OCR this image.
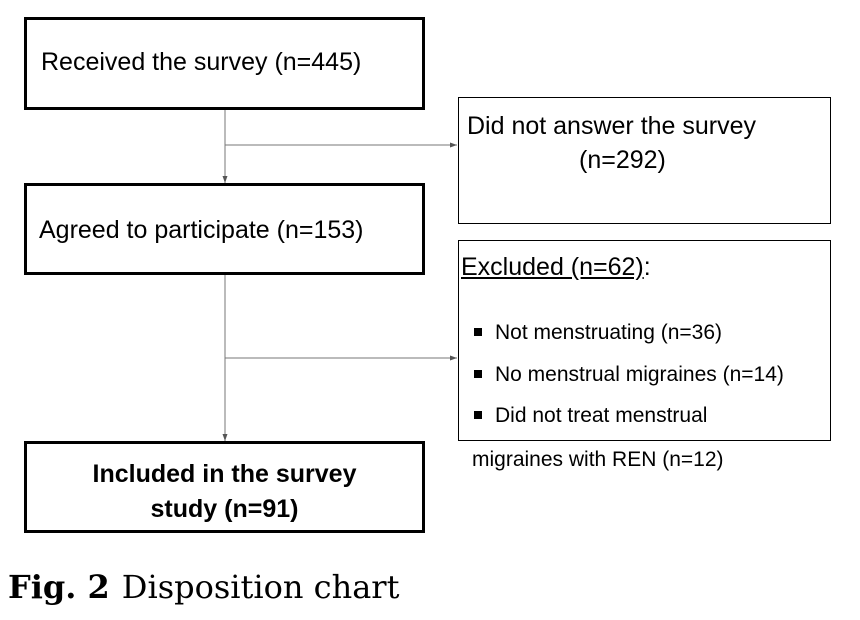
Received the survey (n=445)
Did not answer the survey
(n=292)
Agreed to participate (n=153)
Excluded (n=62):
Not menstruating (n=36)
No menstrual migraines (n=14)
Did not treat menstrual
migraines with REN (n=12)
Included in the survey
study (n=91)
Fig. 2 Disposition chart
